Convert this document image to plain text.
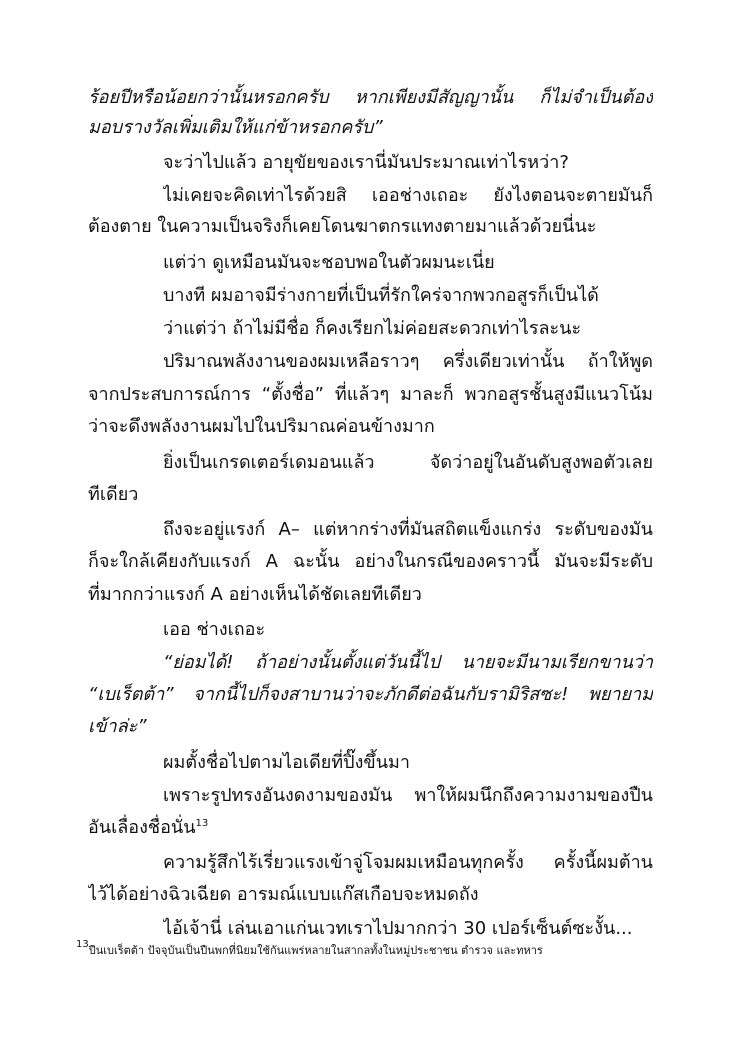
ร้อยปีหรือน้อยกว่านั้นหรอกครับ หากเพียงมีสัญญานั้น ก็ไม่จำเป็นต้อง
มอบรางวัลเพิ่มเติมให้แก่ข้าหรอกครับ”
จะว่าไปแล้ว อายุขัยของเรานี่มันประมาณเท่าไรหว่า?
ไม่เคยจะคิดเท่าไรด้วยสิ เออช่างเถอะ ยังไงตอนจะตายมันก็
ต้องตาย ในความเป็นจริงก็เคยโดนฆาตกรแทงตายมาแล้วด้วยนี่นะ
แต่ว่า ดูเหมือนมันจะชอบพอในตัวผมนะเนี่ย
บางที ผมอาจมีร่างกายที่เป็นที่รักใคร่จากพวกอสูรก็เป็นได้
ว่าแต่ว่า ถ้าไม่มีชื่อ ก็คงเรียกไม่ค่อยสะดวกเท่าไรละนะ
ปริมาณพลังงานของผมเหลือราวๆ ครึ่งเดียวเท่านั้น ถ้าให้พูด
จากประสบการณ์การ “ตั้งชื่อ” ที่แล้วๆ มาละก็ พวกอสูรชั้นสูงมีแนวโน้ม
ว่าจะดึงพลังงานผมไปในปริมาณค่อนข้างมาก
ยิ่งเป็นเกรดเตอร์เดมอนแล้ว จัดว่าอยู่ในอันดับสูงพอตัวเลย
ทีเดียว
ถึงจะอยู่แรงก์ A– แต่หากร่างที่มันสถิตแข็งแกร่ง ระดับของมัน
ก็จะใกล้เคียงกับแรงก์ A ฉะนั้น อย่างในกรณีของคราวนี้ มันจะมีระดับ
ที่มากกว่าแรงก์ A อย่างเห็นได้ชัดเลยทีเดียว
เออ ช่างเถอะ
“ย่อมได้! ถ้าอย่างนั้นตั้งแต่วันนี้ไป นายจะมีนามเรียกขานว่า
“เบเร็ตต้า” จากนี้ไปก็จงสาบานว่าจะภักดีต่อฉันกับรามิริสซะ! พยายาม
เข้าล่ะ”
ผมตั้งชื่อไปตามไอเดียที่ปิ๊งขึ้นมา
เพราะรูปทรงอันงดงามของมัน พาให้ผมนึกถึงความงามของปืน
อันเลื่องชื่อนั่น$^{13}$
ความรู้สึกไร้เรี่ยวแรงเข้าจู่โจมผมเหมือนทุกครั้ง ครั้งนี้ผมต้าน
ไว้ได้อย่างฉิวเฉียด อารมณ์แบบแก๊สเกือบจะหมดถัง
ไอ้เจ้านี่ เล่นเอาแก่นเวทเราไปมากกว่า 30 เปอร์เซ็นต์ซะงั้น...
13ปืนเบเร็ตต้า ปัจจุบันเป็นปืนพกที่นิยมใช้กันแพร่หลายในสากลทั้งในหมู่ประชาชน ตำรวจ และทหาร
